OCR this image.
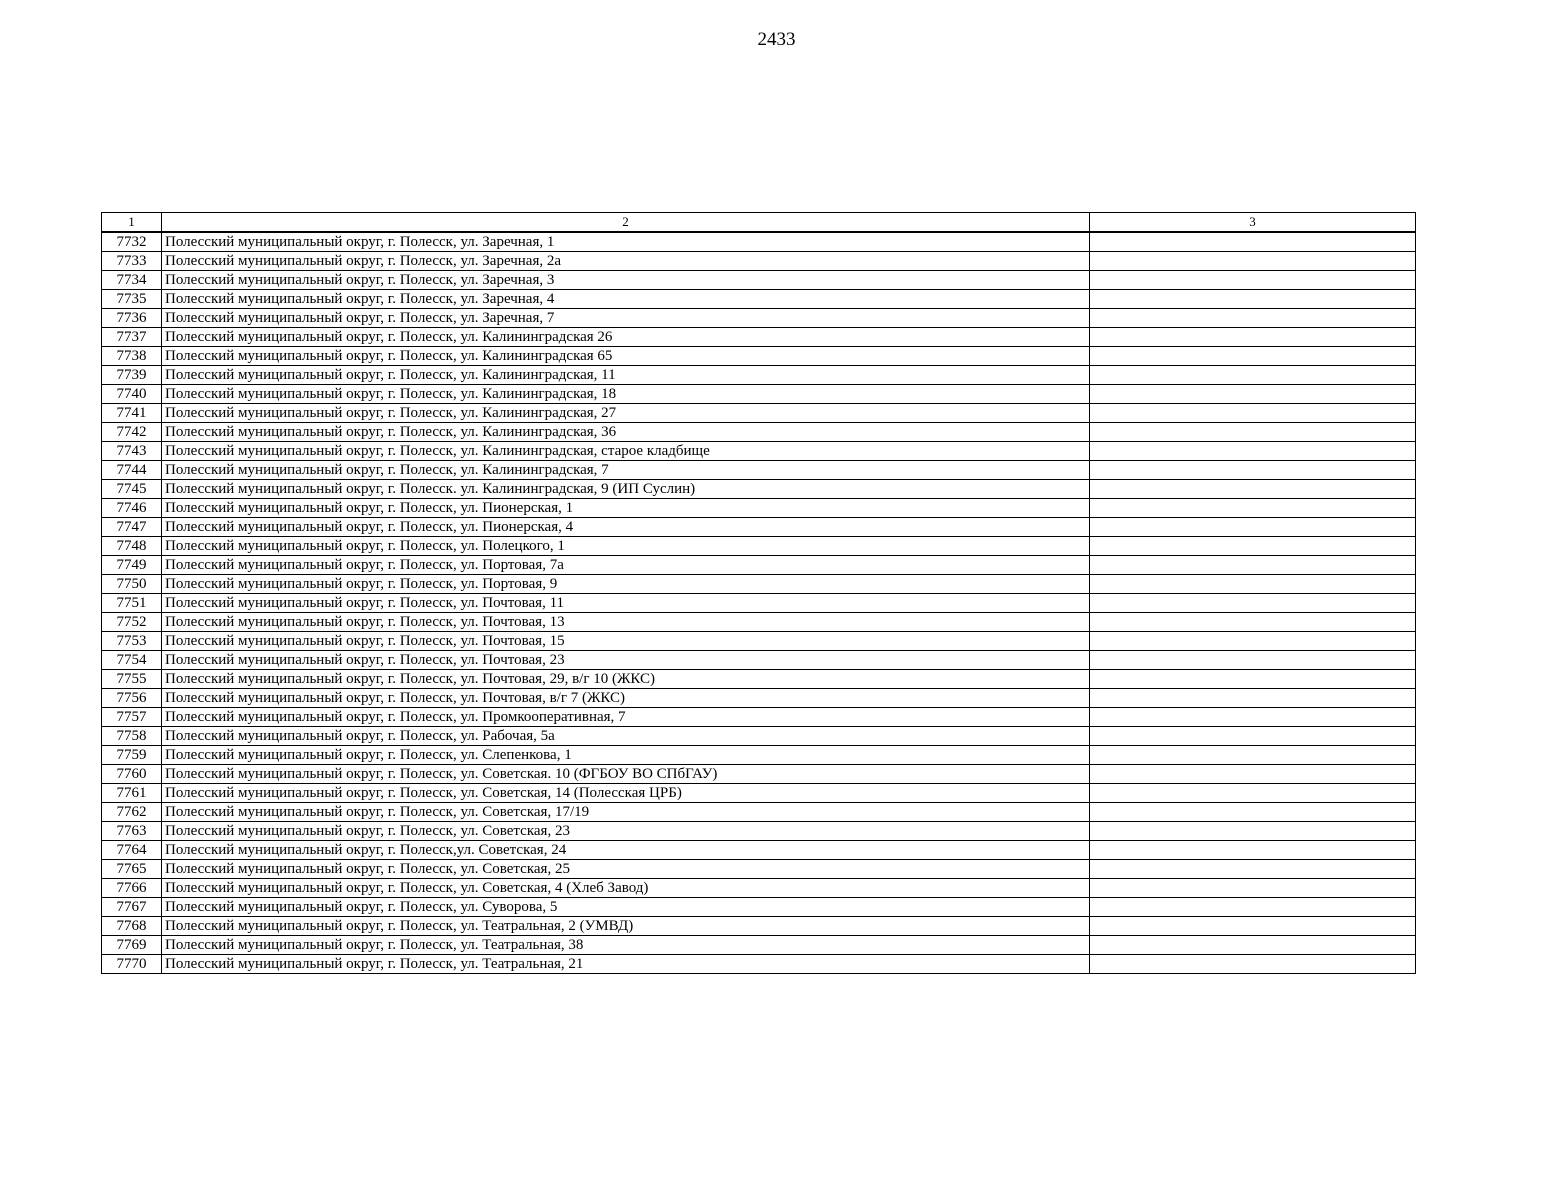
2433
1	2	3
7732	Полесский муниципальный округ, г. Полесск, ул. Заречная, 1	
7733	Полесский муниципальный округ, г. Полесск, ул. Заречная, 2а	
7734	Полесский муниципальный округ, г. Полесск, ул. Заречная, 3	
7735	Полесский муниципальный округ, г. Полесск, ул. Заречная, 4	
7736	Полесский муниципальный округ, г. Полесск, ул. Заречная, 7	
7737	Полесский муниципальный округ, г. Полесск, ул. Калининградская 26	
7738	Полесский муниципальный округ, г. Полесск, ул. Калининградская 65	
7739	Полесский муниципальный округ, г. Полесск, ул. Калининградская, 11	
7740	Полесский муниципальный округ, г. Полесск, ул. Калининградская, 18	
7741	Полесский муниципальный округ, г. Полесск, ул. Калининградская, 27	
7742	Полесский муниципальный округ, г. Полесск, ул. Калининградская, 36	
7743	Полесский муниципальный округ, г. Полесск, ул. Калининградская, старое кладбище	
7744	Полесский муниципальный округ, г. Полесск, ул. Калининградская, 7	
7745	Полесский муниципальный округ, г. Полесск. ул. Калининградская, 9 (ИП Суслин)	
7746	Полесский муниципальный округ, г. Полесск, ул. Пионерская, 1	
7747	Полесский муниципальный округ, г. Полесск, ул. Пионерская, 4	
7748	Полесский муниципальный округ, г. Полесск, ул. Полецкого, 1	
7749	Полесский муниципальный округ, г. Полесск, ул. Портовая, 7а	
7750	Полесский муниципальный округ, г. Полесск, ул. Портовая, 9	
7751	Полесский муниципальный округ, г. Полесск, ул. Почтовая, 11	
7752	Полесский муниципальный округ, г. Полесск, ул. Почтовая, 13	
7753	Полесский муниципальный округ, г. Полесск, ул. Почтовая, 15	
7754	Полесский муниципальный округ, г. Полесск, ул. Почтовая, 23	
7755	Полесский муниципальный округ, г. Полесск, ул. Почтовая, 29, в/г 10 (ЖКС)	
7756	Полесский муниципальный округ, г. Полесск, ул. Почтовая, в/г 7 (ЖКС)	
7757	Полесский муниципальный округ, г. Полесск, ул. Промкооперативная, 7	
7758	Полесский муниципальный округ, г. Полесск, ул. Рабочая, 5а	
7759	Полесский муниципальный округ, г. Полесск, ул. Слепенкова, 1	
7760	Полесский муниципальный округ, г. Полесск, ул. Советская. 10 (ФГБОУ ВО СПбГАУ)	
7761	Полесский муниципальный округ, г. Полесск, ул. Советская, 14 (Полесская ЦРБ)	
7762	Полесский муниципальный округ, г. Полесск, ул. Советская, 17/19	
7763	Полесский муниципальный округ, г. Полесск, ул. Советская, 23	
7764	Полесский муниципальный округ, г. Полесск,ул. Советская, 24	
7765	Полесский муниципальный округ, г. Полесск, ул. Советская, 25	
7766	Полесский муниципальный округ, г. Полесск, ул. Советская, 4 (Хлеб Завод)	
7767	Полесский муниципальный округ, г. Полесск, ул. Суворова, 5	
7768	Полесский муниципальный округ, г. Полесск, ул. Театральная, 2 (УМВД)	
7769	Полесский муниципальный округ, г. Полесск, ул. Театральная, 38	
7770	Полесский муниципальный округ, г. Полесск, ул. Театральная, 21	
